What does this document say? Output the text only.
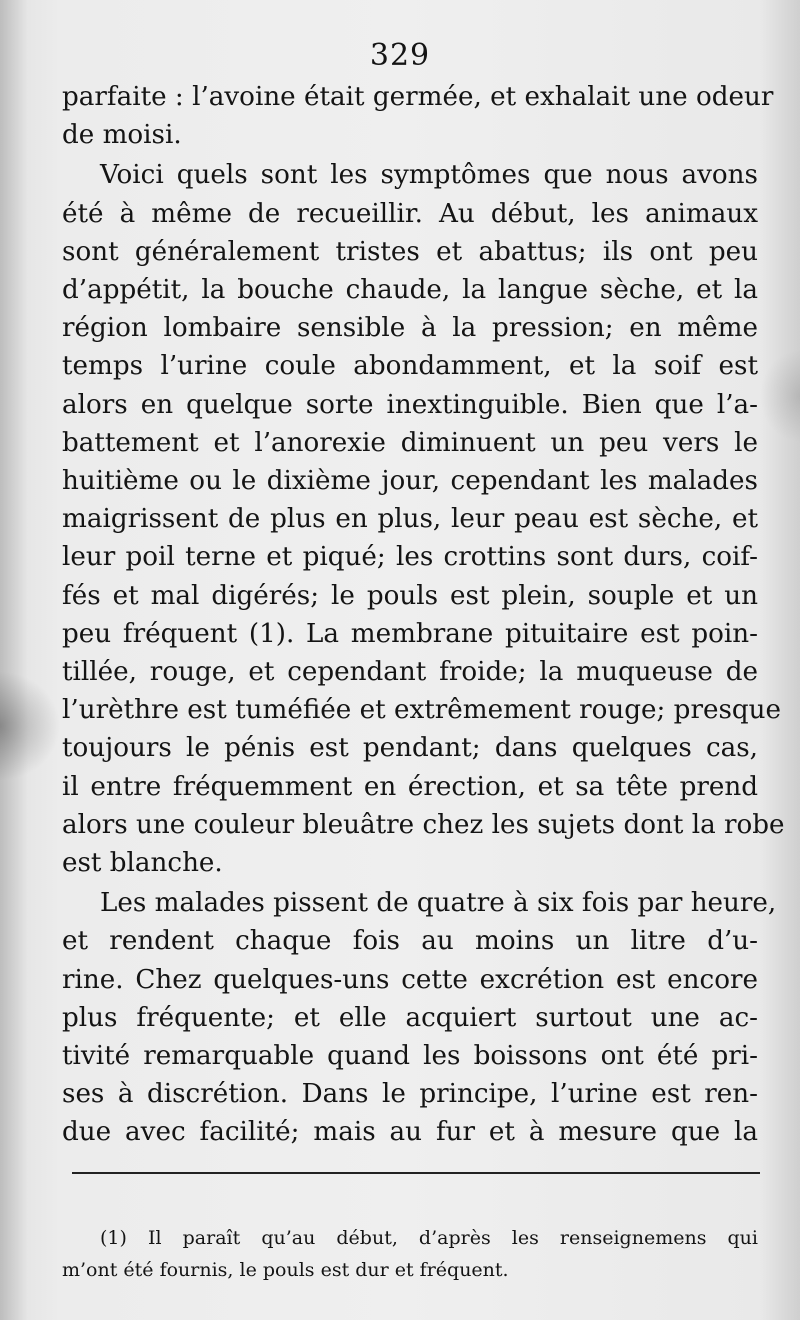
329
parfaite : l’avoine était germée, et exhalait une odeur
de moisi.
Voici quels sont les symptômes que nous avons
été à même de recueillir. Au début, les animaux
sont généralement tristes et abattus; ils ont peu
d’appétit, la bouche chaude, la langue sèche, et la
région lombaire sensible à la pression; en même
temps l’urine coule abondamment, et la soif est
alors en quelque sorte inextinguible. Bien que l’a-
battement et l’anorexie diminuent un peu vers le
huitième ou le dixième jour, cependant les malades
maigrissent de plus en plus, leur peau est sèche, et
leur poil terne et piqué; les crottins sont durs, coif-
fés et mal digérés; le pouls est plein, souple et un
peu fréquent (1). La membrane pituitaire est poin-
tillée, rouge, et cependant froide; la muqueuse de
l’urèthre est tuméfiée et extrêmement rouge; presque
toujours le pénis est pendant; dans quelques cas,
il entre fréquemment en érection, et sa tête prend
alors une couleur bleuâtre chez les sujets dont la robe
est blanche.
Les malades pissent de quatre à six fois par heure,
et rendent chaque fois au moins un litre d’u-
rine. Chez quelques-uns cette excrétion est encore
plus fréquente; et elle acquiert surtout une ac-
tivité remarquable quand les boissons ont été pri-
ses à discrétion. Dans le principe, l’urine est ren-
due avec facilité; mais au fur et à mesure que la
(1) Il paraît qu’au début, d’après les renseignemens qui
m’ont été fournis, le pouls est dur et fréquent.
